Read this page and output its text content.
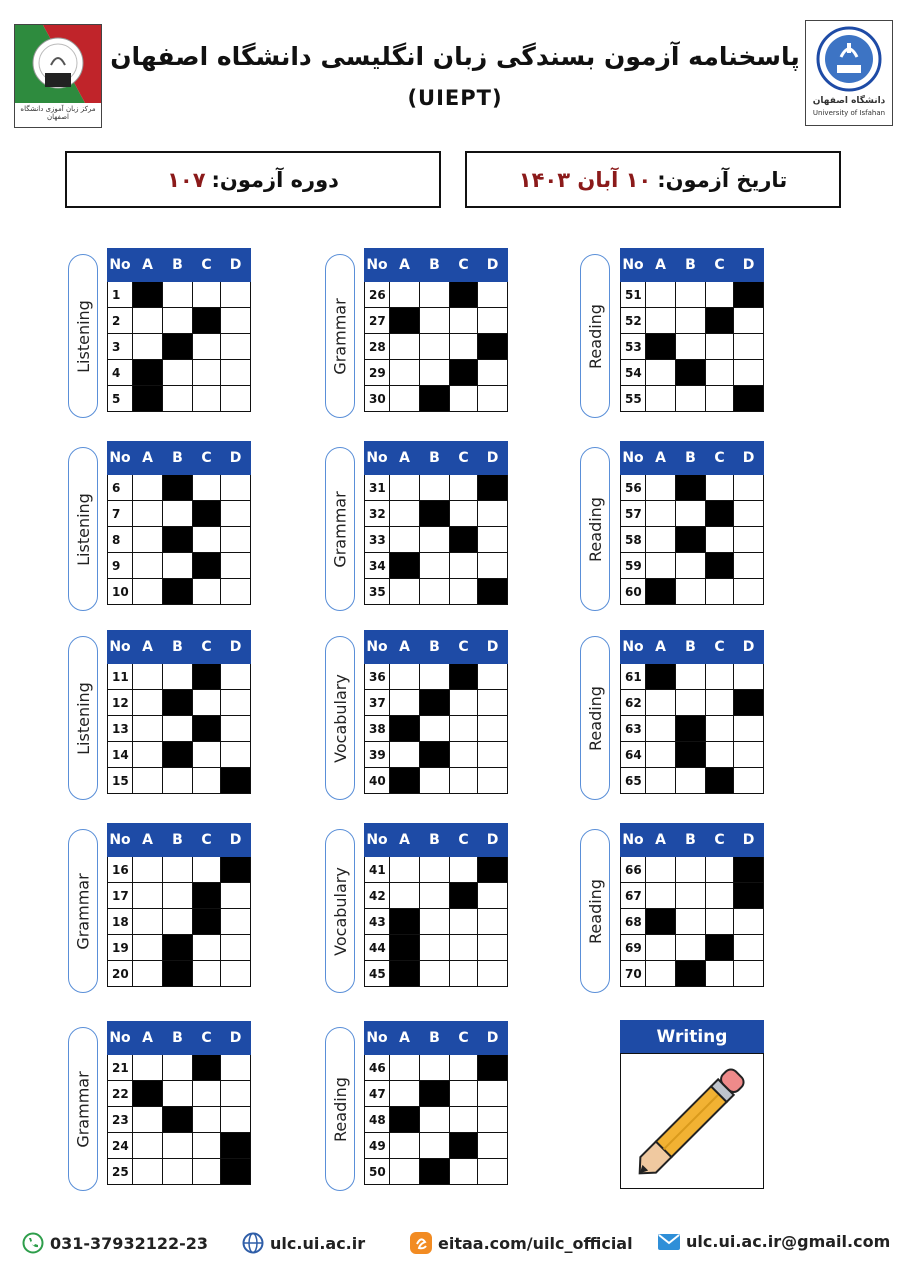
مرکز زبان آموزی دانشگاه اصفهان
دانشگاه اصفهان
University of Isfahan
پاسخنامه آزمون بسندگی زبان انگلیسی دانشگاه اصفهان
(UIEPT)
تاریخ آزمون:
۱۰ آبان ۱۴۰۳
دوره آزمون:
۱۰۷
Listening
No	A	B	C	D
1				
2				
3				
4				
5				
Listening
No	A	B	C	D
6				
7				
8				
9				
10				
Listening
No	A	B	C	D
11				
12				
13				
14				
15				
Grammar
No	A	B	C	D
16				
17				
18				
19				
20				
Grammar
No	A	B	C	D
21				
22				
23				
24				
25				
Grammar
No	A	B	C	D
26				
27				
28				
29				
30				
Grammar
No	A	B	C	D
31				
32				
33				
34				
35				
Vocabulary
No	A	B	C	D
36				
37				
38				
39				
40				
Vocabulary
No	A	B	C	D
41				
42				
43				
44				
45				
Reading
No	A	B	C	D
46				
47				
48				
49				
50				
Reading
No	A	B	C	D
51				
52				
53				
54				
55				
Reading
No	A	B	C	D
56				
57				
58				
59				
60				
Reading
No	A	B	C	D
61				
62				
63				
64				
65				
Reading
No	A	B	C	D
66				
67				
68				
69				
70				
Writing
031-37932122-23	ulc.ui.ac.ir	eitaa.com/uilc_official	ulc.ui.ac.ir@gmail.com
